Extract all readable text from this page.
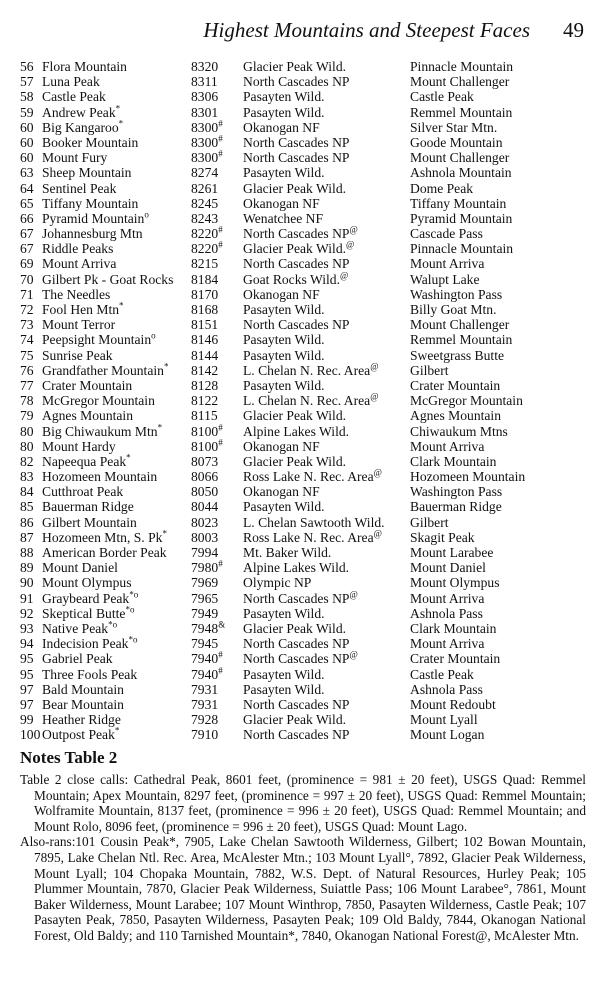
Highest Mountains and Steepest Faces 49
56 Flora Mountain	8320 Glacier Peak Wild.	Pinnacle Mountain
57 Luna Peak	8311 North Cascades NP	Mount Challenger
58 Castle Peak	8306 Pasayten Wild.	Castle Peak
59 Andrew Peak*	8301 Pasayten Wild.	Remmel Mountain
60 Big Kangaroo*	8300# Okanogan NF	Silver Star Mtn.
60 Booker Mountain	8300# North Cascades NP	Goode Mountain
60 Mount Fury	8300# North Cascades NP	Mount Challenger
63 Sheep Mountain	8274 Pasayten Wild.	Ashnola Mountain
64 Sentinel Peak	8261 Glacier Peak Wild.	Dome Peak
65 Tiffany Mountain	8245 Okanogan NF	Tiffany Mountain
66 Pyramid Mountain$^o$	8243 Wenatchee NF	Pyramid Mountain
67 Johannesburg Mtn	8220# North Cascades NP@	Cascade Pass
67 Riddle Peaks	8220# Glacier Peak Wild.@	Pinnacle Mountain
69 Mount Arriva	8215 North Cascades NP	Mount Arriva
70 Gilbert Pk - Goat Rocks 8184 Goat Rocks Wild.@	Walupt Lake
71 The Needles	8170 Okanogan NF	Washington Pass
72 Fool Hen Mtn*	8168 Pasayten Wild.	Billy Goat Mtn.
73 Mount Terror	8151 North Cascades NP	Mount Challenger
74 Peepsight Mountain$^o$	8146 Pasayten Wild.	Remmel Mountain
75 Sunrise Peak	8144 Pasayten Wild.	Sweetgrass Butte
76 Grandfather Mountain* 8142 L. Chelan N. Rec. Area@ Gilbert
77 Crater Mountain	8128 Pasayten Wild.	Crater Mountain
78 McGregor Mountain	8122 L. Chelan N. Rec. Area@ McGregor Mountain
79 Agnes Mountain	8115 Glacier Peak Wild.	Agnes Mountain
80 Big Chiwaukum Mtn* 8100# Alpine Lakes Wild.	Chiwaukum Mtns
80 Mount Hardy	8100# Okanogan NF	Mount Arriva
82 Napeequa Peak*	8073 Glacier Peak Wild.	Clark Mountain
83 Hozomeen Mountain 8066 Ross Lake N. Rec. Area@ Hozomeen Mountain
84 Cutthroat Peak	8050 Okanogan NF	Washington Pass
85 Bauerman Ridge	8044 Pasayten Wild.	Bauerman Ridge
86 Gilbert Mountain	8023 L. Chelan Sawtooth Wild. Gilbert
87 Hozomeen Mtn, S. Pk* 8003 Ross Lake N. Rec. Area@ Skagit Peak
88 American Border Peak 7994 Mt. Baker Wild.	Mount Larabee
89 Mount Daniel	7980# Alpine Lakes Wild.	Mount Daniel
90 Mount Olympus	7969 Olympic NP	Mount Olympus
91 Graybeard Peak$^{*o}$	7965 North Cascades NP@	Mount Arriva
92 Skeptical Butte$^{*o}$	7949 Pasayten Wild.	Ashnola Pass
93 Native Peak$^{*o}$	7948& Glacier Peak Wild.	Clark Mountain
94 Indecision Peak$^{*o}$	7945 North Cascades NP	Mount Arriva
95 Gabriel Peak	7940# North Cascades NP@	Crater Mountain
95 Three Fools Peak	7940# Pasayten Wild.	Castle Peak
97 Bald Mountain	7931 Pasayten Wild.	Ashnola Pass
97 Bear Mountain	7931 North Cascades NP	Mount Redoubt
99 Heather Ridge	7928 Glacier Peak Wild.	Mount Lyall
100 Outpost Peak*	7910 North Cascades NP	Mount Logan
Notes Table 2

Table 2 close calls: Cathedral Peak, 8601 feet, (prominence = 981 ± 20 feet), USGS Quad: Remmel Mountain; Apex Mountain, 8297 feet, (prominence = 997 ± 20 feet), USGS Quad: Remmel Mountain; Wolframite Mountain, 8137 feet, (prominence = 996 ± 20 feet), USGS Quad: Remmel Mountain; and Mount Rolo, 8096 feet, (prominence = 996 ± 20 feet), USGS Quad: Mount Lago.

Also-rans:101 Cousin Peak*, 7905, Lake Chelan Sawtooth Wilderness, Gilbert; 102 Bowan Mountain, 7895, Lake Chelan Ntl. Rec. Area, McAlester Mtn.; 103 Mount Lyall°, 7892, Glacier Peak Wilderness, Mount Lyall; 104 Chopaka Mountain, 7882, W.S. Dept. of Natural Resources, Hurley Peak; 105 Plummer Mountain, 7870, Glacier Peak Wilderness, Suiattle Pass; 106 Mount Larabee°, 7861, Mount Baker Wilderness, Mount Larabee; 107 Mount Winthrop, 7850, Pasayten Wilderness, Castle Peak; 107 Pasayten Peak, 7850, Pasayten Wilderness, Pasayten Peak; 109 Old Baldy, 7844, Okanogan National Forest, Old Baldy; and 110 Tarnished Mountain*, 7840, Okanogan National Forest@, McAlester Mtn.
